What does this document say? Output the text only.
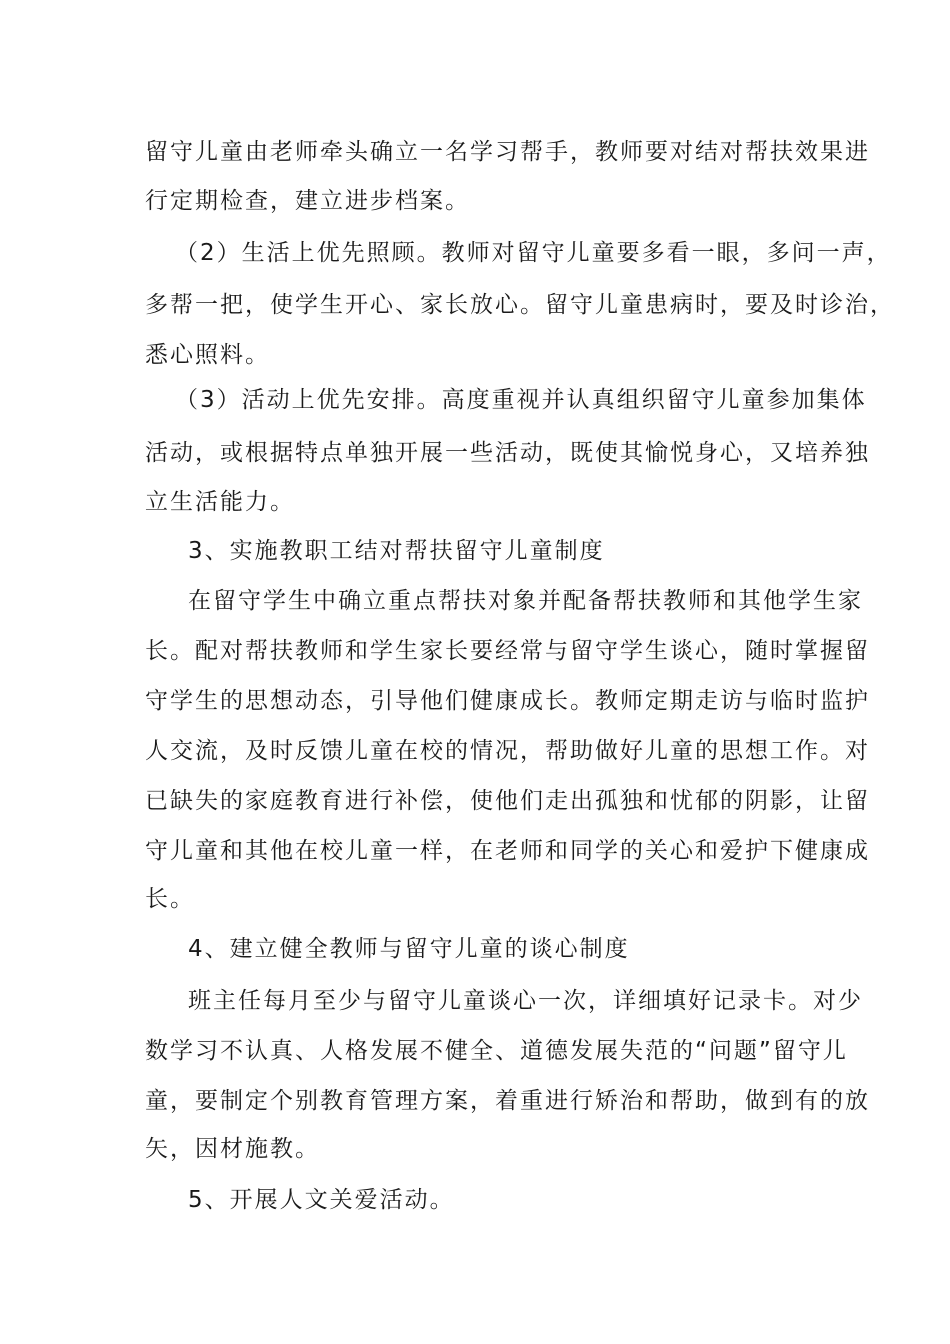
留守儿童由老师牵头确立一名学习帮手，教师要对结对帮扶效果进
行定期检查，建立进步档案。
（2）生活上优先照顾。教师对留守儿童要多看一眼，多问一声，
多帮一把，使学生开心、家长放心。留守儿童患病时，要及时诊治，
悉心照料。
（3）活动上优先安排。高度重视并认真组织留守儿童参加集体
活动，或根据特点单独开展一些活动，既使其愉悦身心，又培养独
立生活能力。
3、实施教职工结对帮扶留守儿童制度
在留守学生中确立重点帮扶对象并配备帮扶教师和其他学生家
长。配对帮扶教师和学生家长要经常与留守学生谈心，随时掌握留
守学生的思想动态，引导他们健康成长。教师定期走访与临时监护
人交流，及时反馈儿童在校的情况，帮助做好儿童的思想工作。对
已缺失的家庭教育进行补偿，使他们走出孤独和忧郁的阴影，让留
守儿童和其他在校儿童一样，在老师和同学的关心和爱护下健康成
长。
4、建立健全教师与留守儿童的谈心制度
班主任每月至少与留守儿童谈心一次，详细填好记录卡。对少
数学习不认真、人格发展不健全、道德发展失范的“问题”留守儿
童，要制定个别教育管理方案，着重进行矫治和帮助，做到有的放
矢，因材施教。
5、开展人文关爱活动。
